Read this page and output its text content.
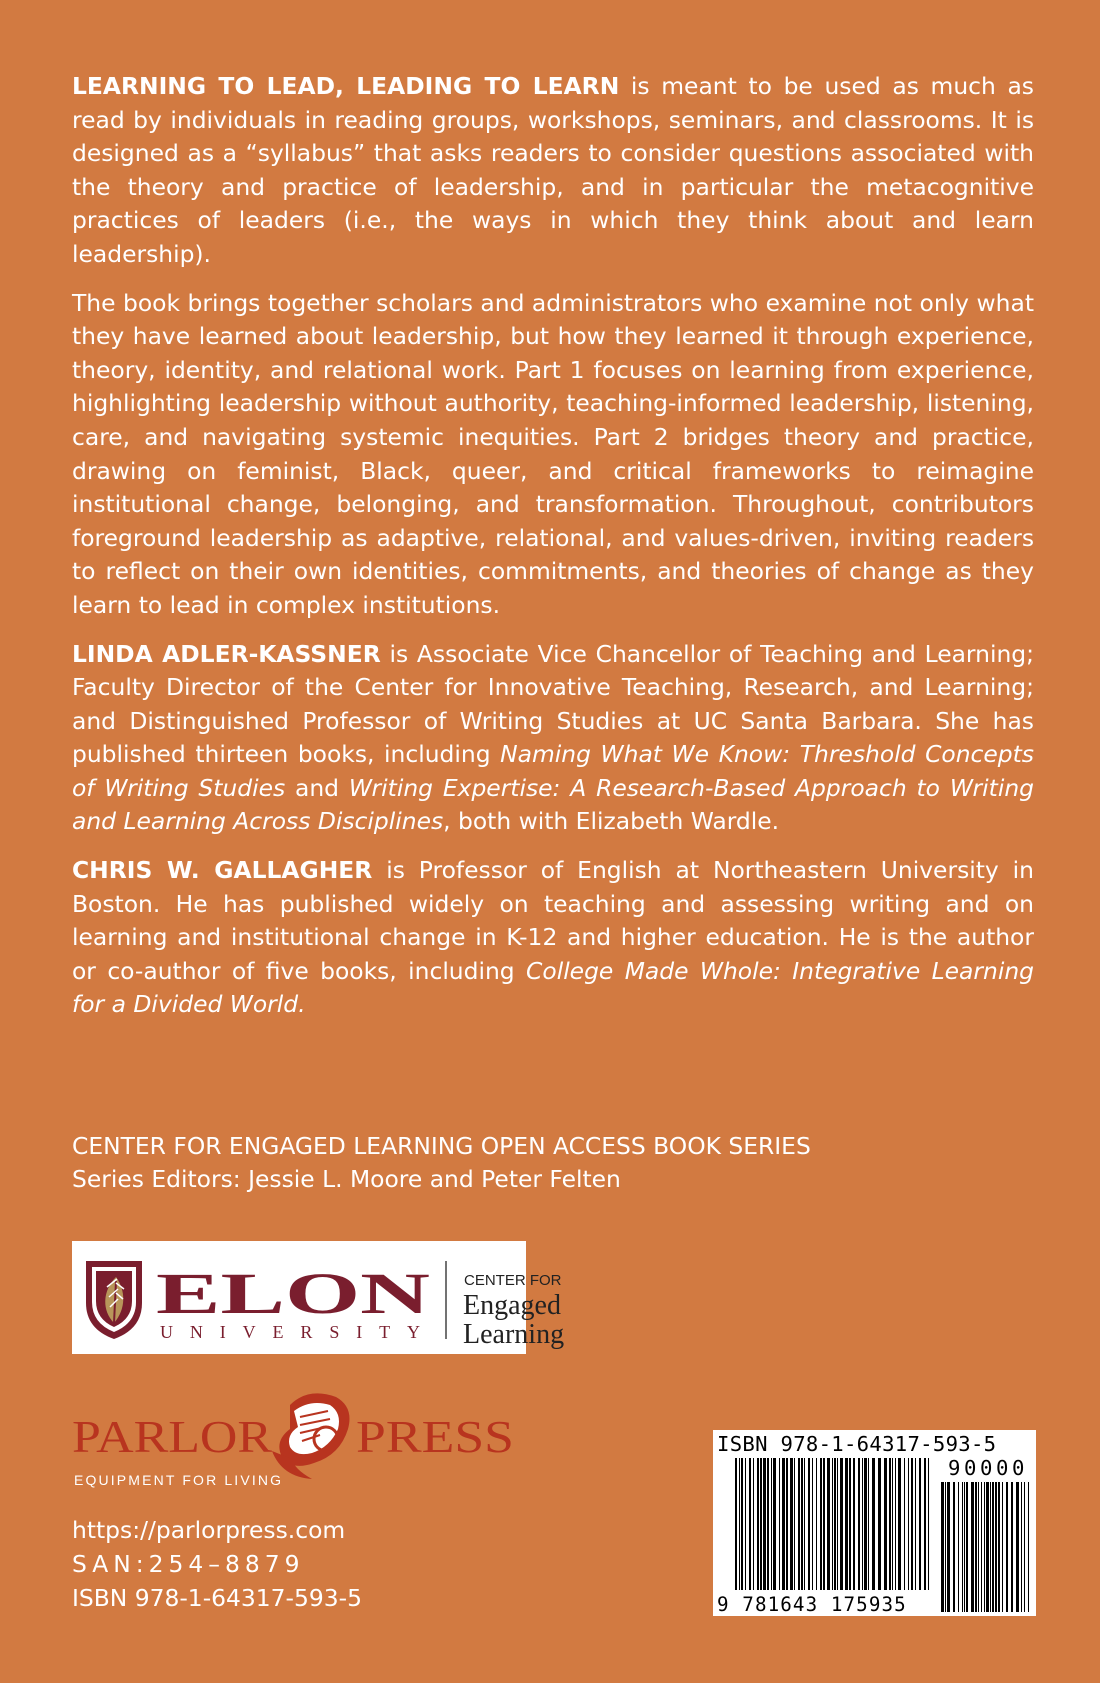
LEARNING TO LEAD, LEADING TO LEARN is meant to be used as much as read by individuals in reading groups, workshops, seminars, and classrooms. It is designed as a “syllabus” that asks readers to consider questions associated with the theory and practice of leadership, and in particular the metacognitive practices of leaders (i.e., the ways in which they think about and learn leadership).

The book brings together scholars and administrators who examine not only what they have learned about leadership, but how they learned it through experience, theory, identity, and relational work. Part 1 focuses on learning from experience, highlighting leadership without authority, teaching-informed leadership, listening, care, and navigating systemic inequities. Part 2 bridges theory and practice, drawing on feminist, Black, queer, and critical frameworks to reimagine institutional change, belonging, and transformation. Throughout, contributors foreground leadership as adaptive, relational, and values-driven, inviting readers to reflect on their own identities, commitments, and theories of change as they learn to lead in complex institutions.

LINDA ADLER-KASSNER is Associate Vice Chancellor of Teaching and Learning; Faculty Director of the Center for Innovative Teaching, Research, and Learning; and Distinguished Professor of Writing Studies at UC Santa Barbara. She has published thirteen books, including Naming What We Know: Threshold Concepts of Writing Studies and Writing Expertise: A Research-Based Approach to Writing and Learning Across Disciplines, both with Elizabeth Wardle.

CHRIS W. GALLAGHER is Professor of English at Northeastern University in Boston. He has published widely on teaching and assessing writing and on learning and institutional change in K-12 and higher education. He is the author or co-author of five books, including College Made Whole: Integrative Learning for a Divided World.

CENTER FOR ENGAGED LEARNING OPEN ACCESS BOOK SERIES
Series Editors: Jessie L. Moore and Peter Felten
ELON
UNIVERSITY
CENTER FOR
Engaged
Learning
PARLOR PRESS
EQUIPMENT FOR LIVING
https://parlorpress.com
SAN:254–8879
ISBN 978-1-64317-593-5
ISBN 978-1-64317-593-5
90000
9 781643 175935
